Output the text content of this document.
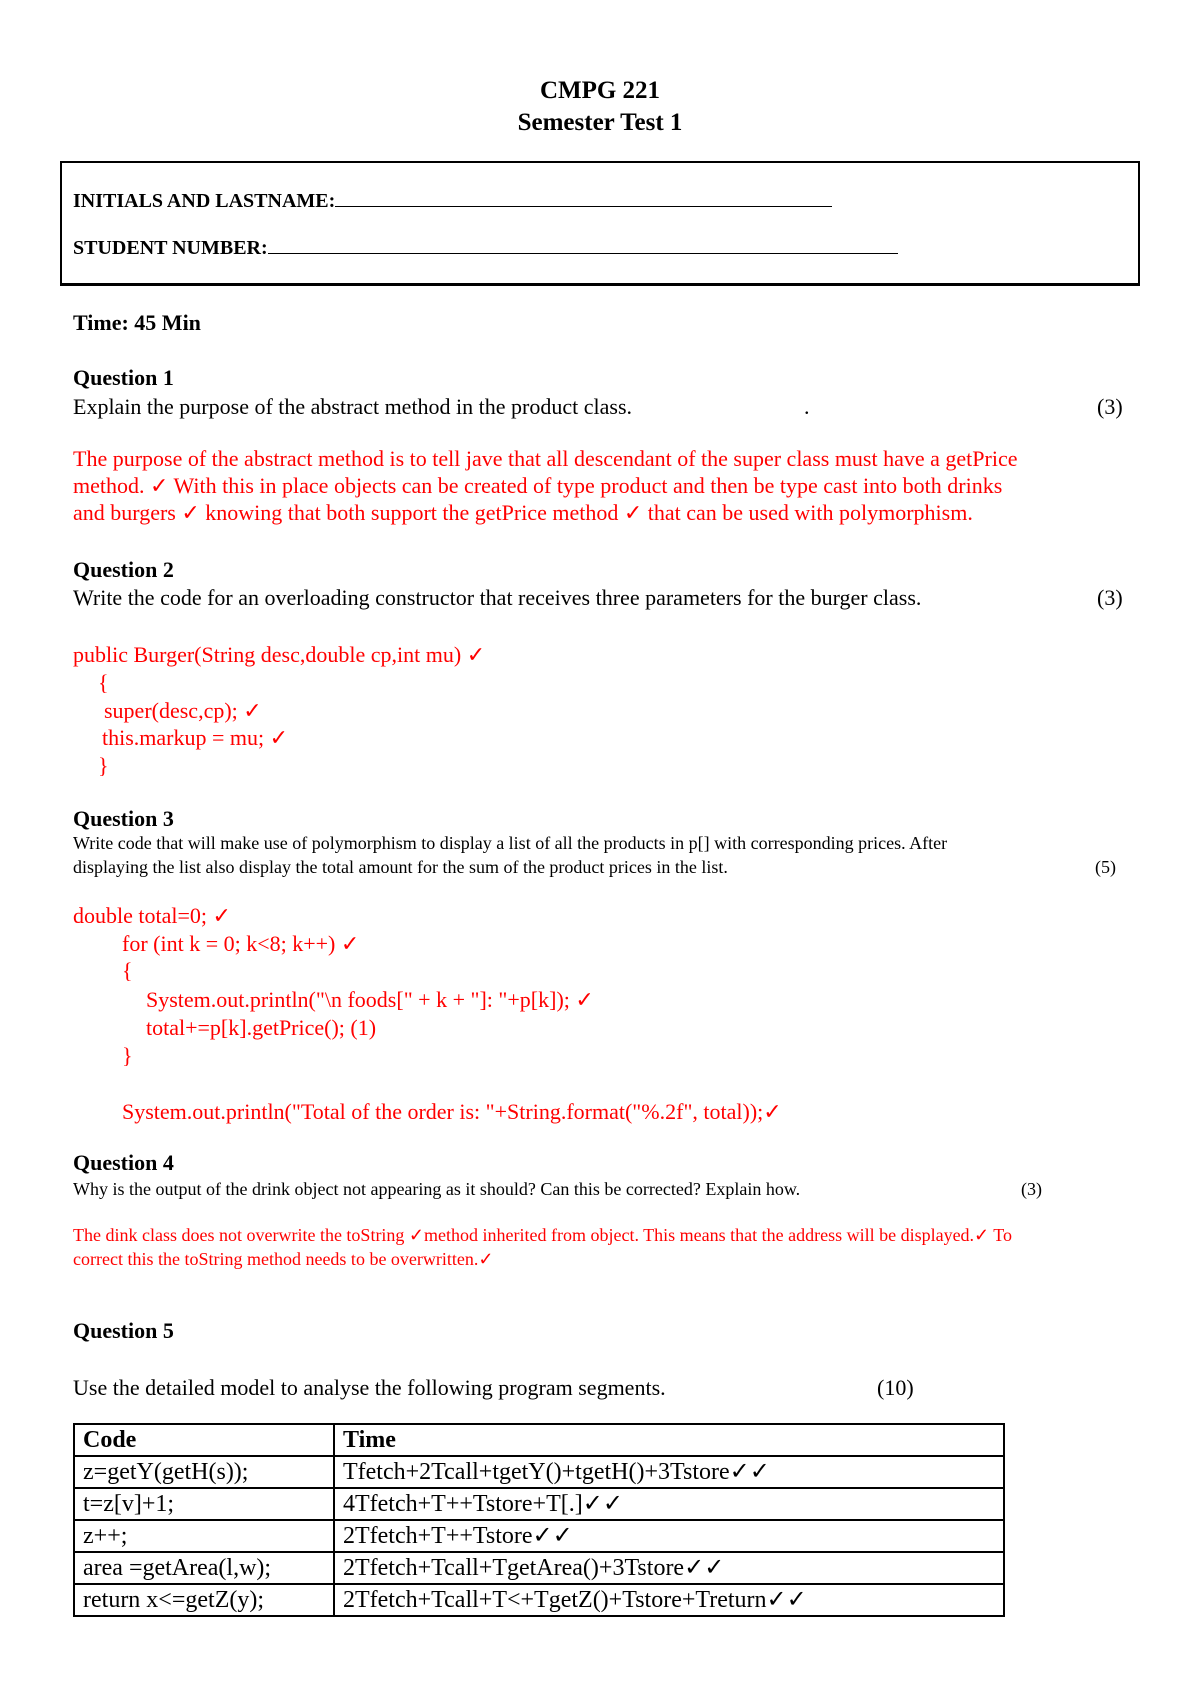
CMPG 221
Semester Test 1
INITIALS AND LASTNAME:
STUDENT NUMBER:
Time: 45 Min
Question 1
Explain the purpose of the abstract method in the product class.	.	(3)
The purpose of the abstract method is to tell jave that all descendant of the super class must have a getPrice
method. ✓ With this in place objects can be created of type product and then be type cast into both drinks
and burgers ✓ knowing that both support the getPrice method ✓ that can be used with polymorphism.
Question 2
Write the code for an overloading constructor that receives three parameters for the burger class.	(3)
public Burger(String desc,double cp,int mu) ✓
{
super(desc,cp); ✓
this.markup = mu; ✓
}
Question 3
Write code that will make use of polymorphism to display a list of all the products in p[] with corresponding prices. After
displaying the list also display the total amount for the sum of the product prices in the list.	(5)
double total=0; ✓
for (int k = 0; k<8; k++) ✓
{
System.out.println("\n foods[" + k + "]: "+p[k]); ✓
total+=p[k].getPrice(); (1)
}
System.out.println("Total of the order is: "+String.format("%.2f", total));✓
Question 4
Why is the output of the drink object not appearing as it should? Can this be corrected? Explain how.	(3)
The dink class does not overwrite the toString ✓method inherited from object. This means that the address will be displayed.✓ To
correct this the toString method needs to be overwritten.✓
Question 5
Use the detailed model to analyse the following program segments.	(10)
Code	Time
z=getY(getH(s));	Tfetch+2Tcall+tgetY()+tgetH()+3Tstore✓✓
t=z[v]+1;	4Tfetch+T++Tstore+T[.]✓✓
z++;	2Tfetch+T++Tstore✓✓
area =getArea(l,w);	2Tfetch+Tcall+TgetArea()+3Tstore✓✓
return x<=getZ(y);	2Tfetch+Tcall+T<+TgetZ()+Tstore+Treturn✓✓
